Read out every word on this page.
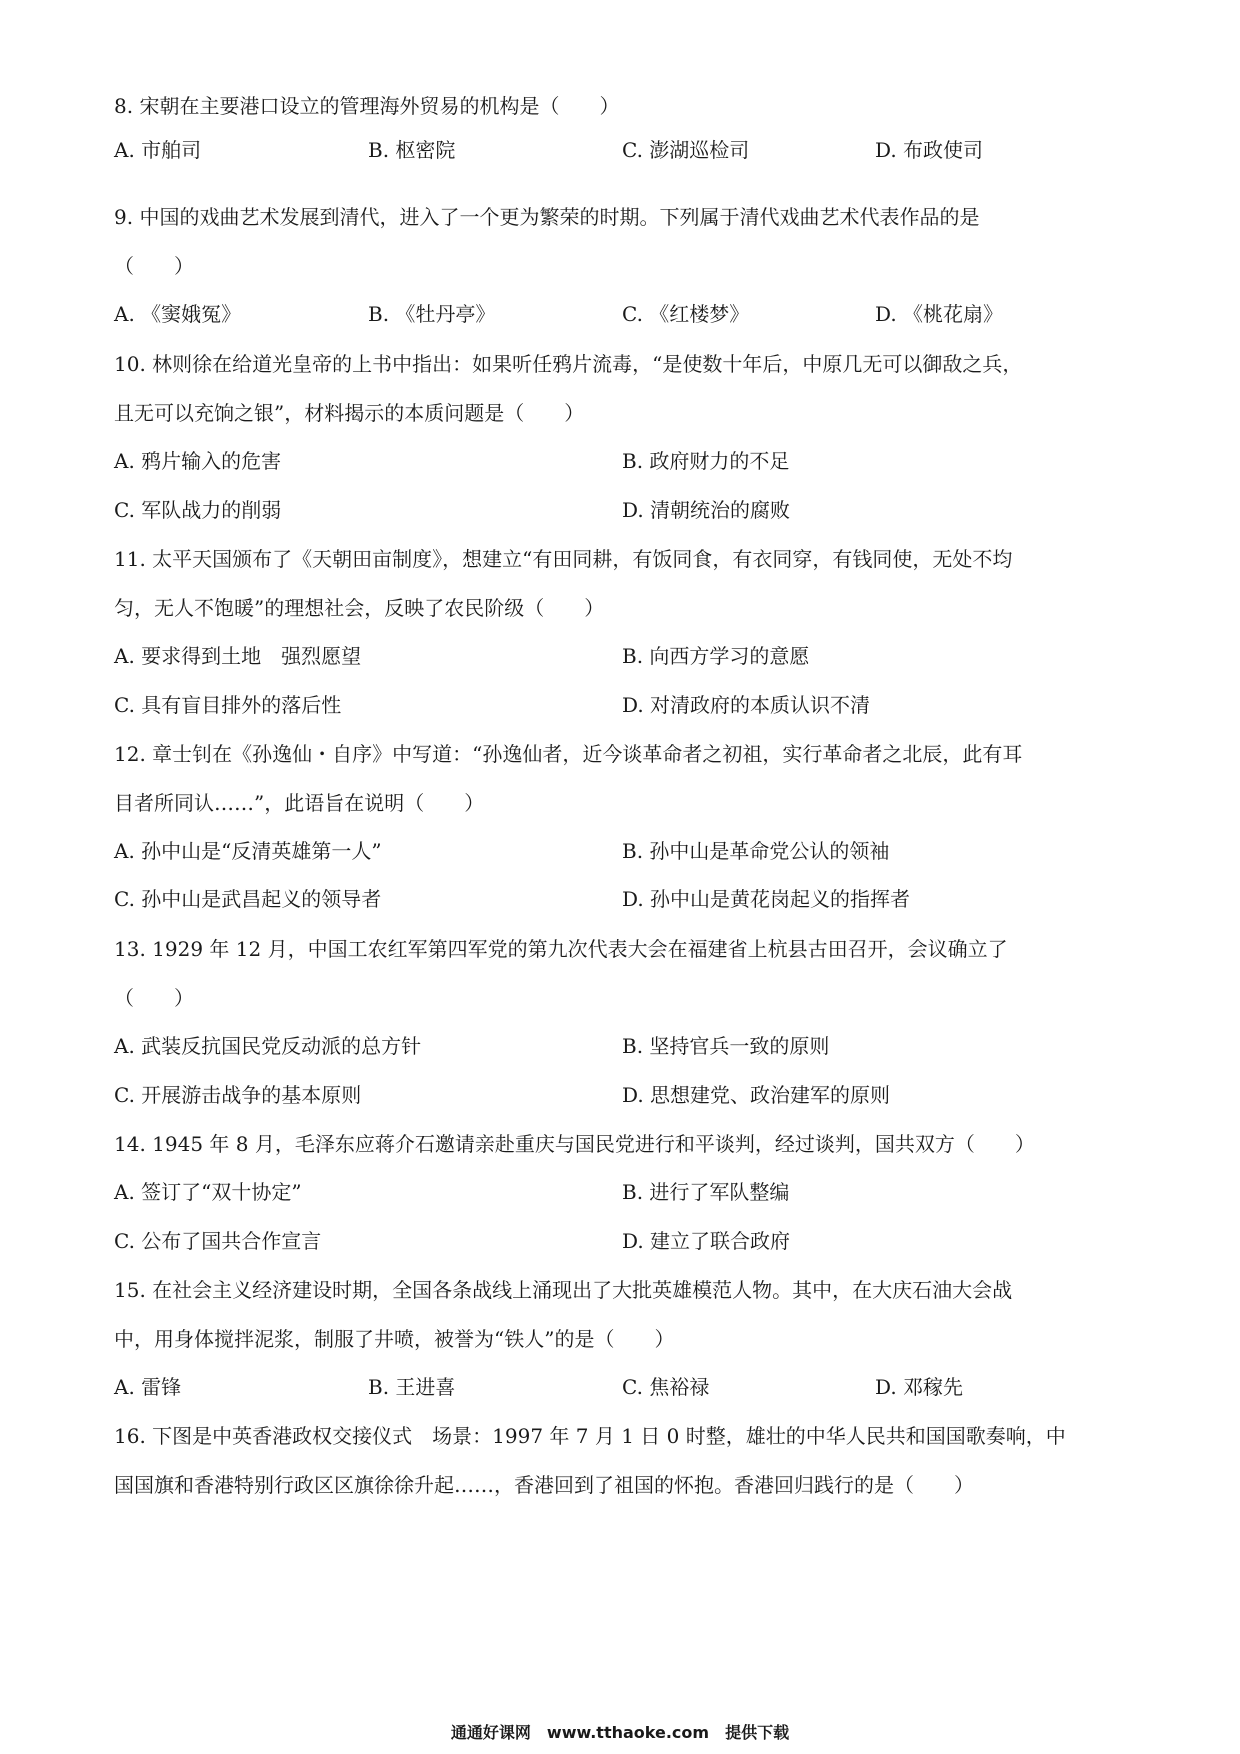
8. 宋朝在主要港口设立的管理海外贸易的机构是（　　）
A. 市舶司	B. 枢密院	C. 澎湖巡检司	D. 布政使司
9. 中国的戏曲艺术发展到清代，进入了一个更为繁荣的时期。下列属于清代戏曲艺术代表作品的是
（　　）
A. 《窦娥冤》	B. 《牡丹亭》	C. 《红楼梦》	D. 《桃花扇》
10. 林则徐在给道光皇帝的上书中指出：如果听任鸦片流毒，“是使数十年后，中原几无可以御敌之兵，
且无可以充饷之银”，材料揭示的本质问题是（　　）
A. 鸦片输入的危害	B. 政府财力的不足
C. 军队战力的削弱	D. 清朝统治的腐败
11. 太平天国颁布了《天朝田亩制度》，想建立“有田同耕，有饭同食，有衣同穿，有钱同使，无处不均
匀，无人不饱暖”的理想社会，反映了农民阶级（　　）
A. 要求得到土地　强烈愿望	B. 向西方学习的意愿
C. 具有盲目排外的落后性	D. 对清政府的本质认识不清
12. 章士钊在《孙逸仙・自序》中写道：“孙逸仙者，近今谈革命者之初祖，实行革命者之北辰，此有耳
目者所同认……”，此语旨在说明（　　）
A. 孙中山是“反清英雄第一人”	B. 孙中山是革命党公认的领袖
C. 孙中山是武昌起义的领导者	D. 孙中山是黄花岗起义的指挥者
13. 1929 年 12 月，中国工农红军第四军党的第九次代表大会在福建省上杭县古田召开，会议确立了
（　　）
A. 武装反抗国民党反动派的总方针	B. 坚持官兵一致的原则
C. 开展游击战争的基本原则	D. 思想建党、政治建军的原则
14. 1945 年 8 月，毛泽东应蒋介石邀请亲赴重庆与国民党进行和平谈判，经过谈判，国共双方（　　）
A. 签订了“双十协定”	B. 进行了军队整编
C. 公布了国共合作宣言	D. 建立了联合政府
15. 在社会主义经济建设时期，全国各条战线上涌现出了大批英雄模范人物。其中，在大庆石油大会战
中，用身体搅拌泥浆，制服了井喷，被誉为“铁人”的是（　　）
A. 雷锋	B. 王进喜	C. 焦裕禄	D. 邓稼先
16. 下图是中英香港政权交接仪式　场景：1997 年 7 月 1 日 0 时整，雄壮的中华人民共和国国歌奏响，中
国国旗和香港特别行政区区旗徐徐升起……，香港回到了祖国的怀抱。香港回归践行的是（　　）
通通好课网　www.tthaoke.com　提供下载
